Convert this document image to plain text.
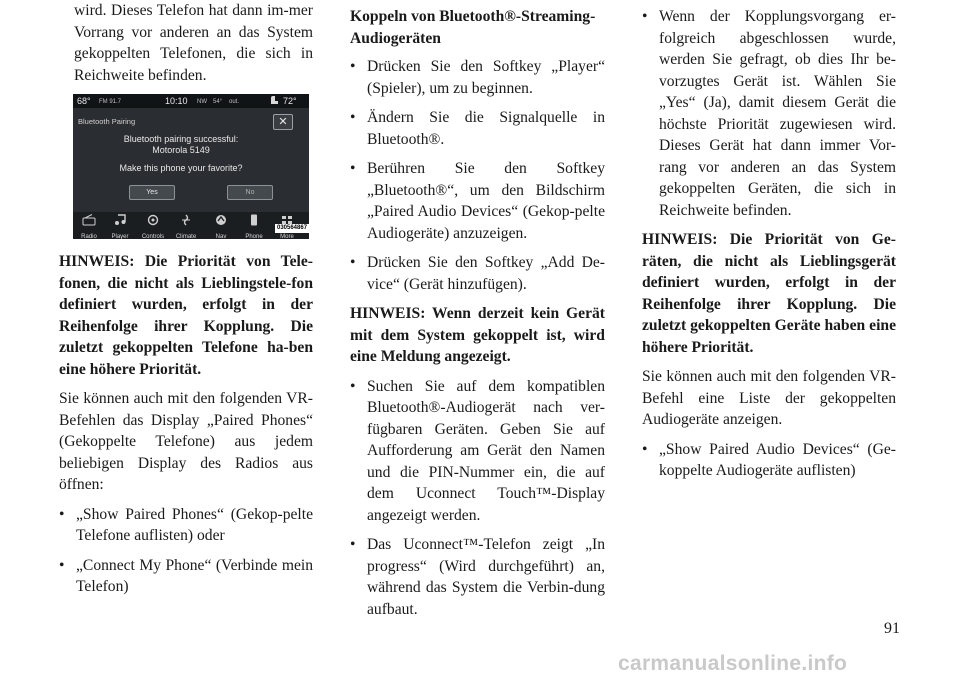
wird. Dieses Telefon hat dann im-mer Vorrang vor anderen an das System gekoppelten Telefonen, die sich in Reichweite befinden.

68° FM 91.7	10:10 NW 54° out.	72°
Bluetooth Pairing	✕
Bluetooth pairing successful:
Motorola 5149
Make this phone your favorite?
Yes	No
Radio	Player	Controls	Climate	Nav	Phone	More
030564867

HINWEIS: Die Priorität von Tele-fonen, die nicht als Lieblingstele-fon definiert wurden, erfolgt in der Reihenfolge ihrer Kopplung. Die zuletzt gekoppelten Telefone ha-ben eine höhere Priorität.

Sie können auch mit den folgenden VR-Befehlen das Display „Paired Phones“ (Gekoppelte Telefone) aus jedem beliebigen Display des Radios aus öffnen:

• „Show Paired Phones“ (Gekop-pelte Telefone auflisten) oder
• „Connect My Phone“ (Verbinde mein Telefon)
Koppeln von Bluetooth®-Streaming-Audiogeräten
• Drücken Sie den Softkey „Player“ (Spieler), um zu beginnen.
• Ändern Sie die Signalquelle in Bluetooth®.
• Berühren Sie den Softkey „Bluetooth®“, um den Bildschirm „Paired Audio Devices“ (Gekop-pelte Audiogeräte) anzuzeigen.
• Drücken Sie den Softkey „Add De-vice“ (Gerät hinzufügen).

HINWEIS: Wenn derzeit kein Gerät mit dem System gekoppelt ist, wird eine Meldung angezeigt.

• Suchen Sie auf dem kompatiblen Bluetooth®-Audiogerät nach ver-fügbaren Geräten. Geben Sie auf Aufforderung am Gerät den Namen und die PIN-Nummer ein, die auf dem Uconnect Touch™-Display angezeigt werden.
• Das Uconnect™-Telefon zeigt „In progress“ (Wird durchgeführt) an, während das System die Verbin-dung aufbaut.
• Wenn der Kopplungsvorgang er-folgreich abgeschlossen wurde, werden Sie gefragt, ob dies Ihr be-vorzugtes Gerät ist. Wählen Sie „Yes“ (Ja), damit diesem Gerät die höchste Priorität zugewiesen wird. Dieses Gerät hat dann immer Vor-rang vor anderen an das System gekoppelten Geräten, die sich in Reichweite befinden.

HINWEIS: Die Priorität von Ge-räten, die nicht als Lieblingsgerät definiert wurden, erfolgt in der Reihenfolge ihrer Kopplung. Die zuletzt gekoppelten Geräte haben eine höhere Priorität.

Sie können auch mit den folgenden VR-Befehl eine Liste der gekoppelten Audiogeräte anzeigen.

• „Show Paired Audio Devices“ (Ge-koppelte Audiogeräte auflisten)
91
carmanualsonline.info
